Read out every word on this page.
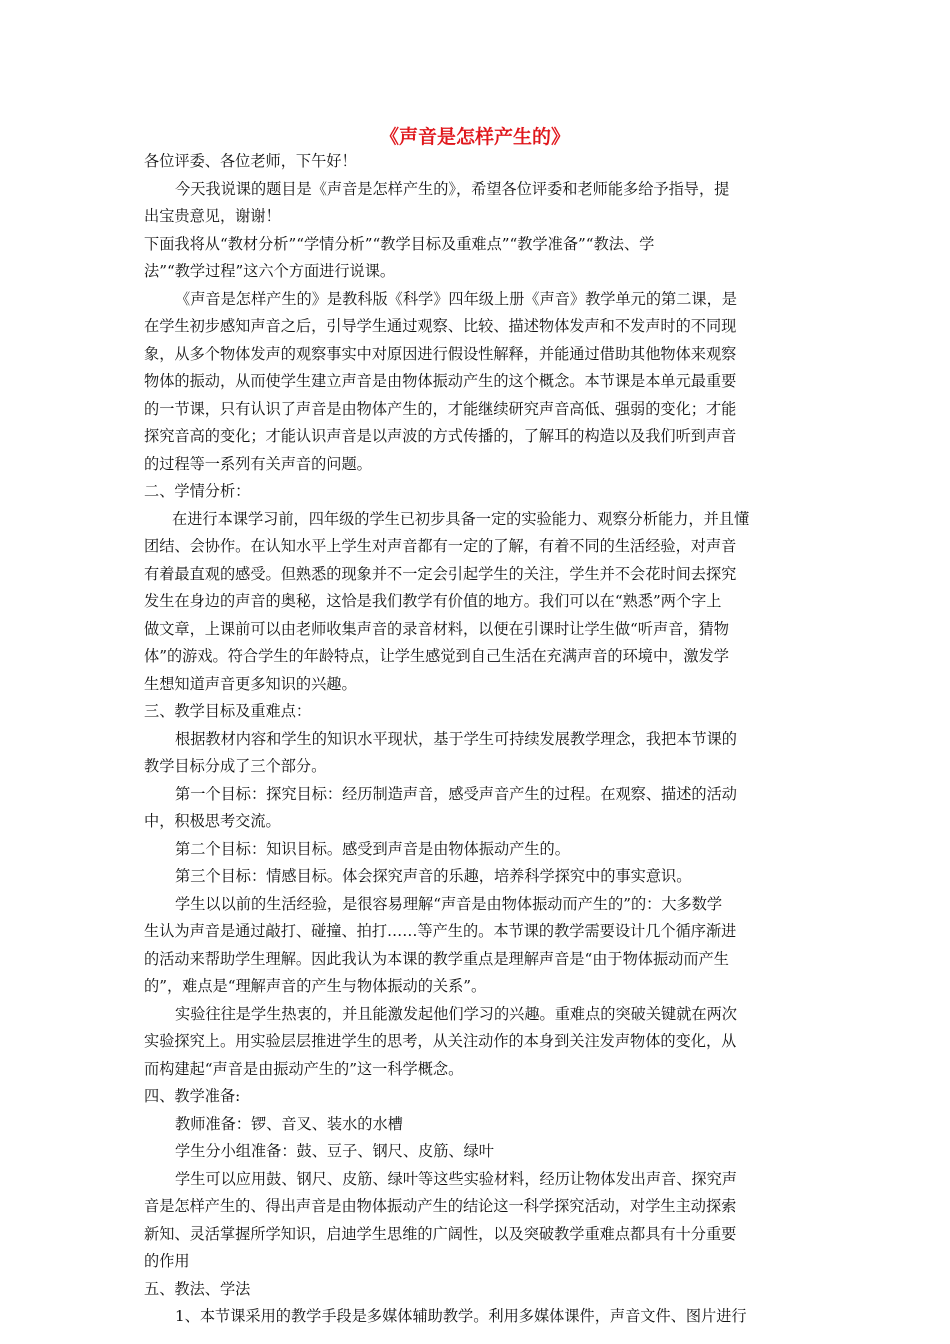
《声音是怎样产生的》

各位评委、各位老师，下午好！

今天我说课的题目是《声音是怎样产生的》，希望各位评委和老师能多给予指导，提

出宝贵意见，谢谢！

下面我将从“教材分析”“学情分析”“教学目标及重难点”“教学准备”“教法、学

法”“教学过程”这六个方面进行说课。

《声音是怎样产生的》是教科版《科学》四年级上册《声音》教学单元的第二课，是

在学生初步感知声音之后，引导学生通过观察、比较、描述物体发声和不发声时的不同现

象，从多个物体发声的观察事实中对原因进行假设性解释，并能通过借助其他物体来观察

物体的振动，从而使学生建立声音是由物体振动产生的这个概念。本节课是本单元最重要

的一节课，只有认识了声音是由物体产生的，才能继续研究声音高低、强弱的变化；才能

探究音高的变化；才能认识声音是以声波的方式传播的，了解耳的构造以及我们听到声音

的过程等一系列有关声音的问题。

二、学情分析：

在进行本课学习前，四年级的学生已初步具备一定的实验能力、观察分析能力，并且懂

团结、会协作。在认知水平上学生对声音都有一定的了解，有着不同的生活经验，对声音

有着最直观的感受。但熟悉的现象并不一定会引起学生的关注，学生并不会花时间去探究

发生在身边的声音的奥秘，这恰是我们教学有价值的地方。我们可以在“熟悉”两个字上

做文章，上课前可以由老师收集声音的录音材料，以便在引课时让学生做“听声音，猜物

体”的游戏。符合学生的年龄特点，让学生感觉到自己生活在充满声音的环境中，激发学

生想知道声音更多知识的兴趣。

三、教学目标及重难点：

根据教材内容和学生的知识水平现状，基于学生可持续发展教学理念，我把本节课的

教学目标分成了三个部分。

第一个目标：探究目标：经历制造声音，感受声音产生的过程。在观察、描述的活动

中，积极思考交流。

第二个目标：知识目标。感受到声音是由物体振动产生的。

第三个目标：情感目标。体会探究声音的乐趣，培养科学探究中的事实意识。

学生以以前的生活经验，是很容易理解“声音是由物体振动而产生的”的：大多数学

生认为声音是通过敲打、碰撞、拍打……等产生的。本节课的教学需要设计几个循序渐进

的活动来帮助学生理解。因此我认为本课的教学重点是理解声音是“由于物体振动而产生

的”，难点是“理解声音的产生与物体振动的关系”。

实验往往是学生热衷的，并且能激发起他们学习的兴趣。重难点的突破关键就在两次

实验探究上。用实验层层推进学生的思考，从关注动作的本身到关注发声物体的变化，从

而构建起“声音是由振动产生的”这一科学概念。

四、教学准备:

教师准备：锣、音叉、装水的水槽

学生分小组准备：鼓、豆子、钢尺、皮筋、绿叶

学生可以应用鼓、钢尺、皮筋、绿叶等这些实验材料，经历让物体发出声音、探究声

音是怎样产生的、得出声音是由物体振动产生的结论这一科学探究活动，对学生主动探索

新知、灵活掌握所学知识，启迪学生思维的广阔性，以及突破教学重难点都具有十分重要

的作用

五、教法、学法

1、本节课采用的教学手段是多媒体辅助教学。利用多媒体课件，声音文件、图片进行
